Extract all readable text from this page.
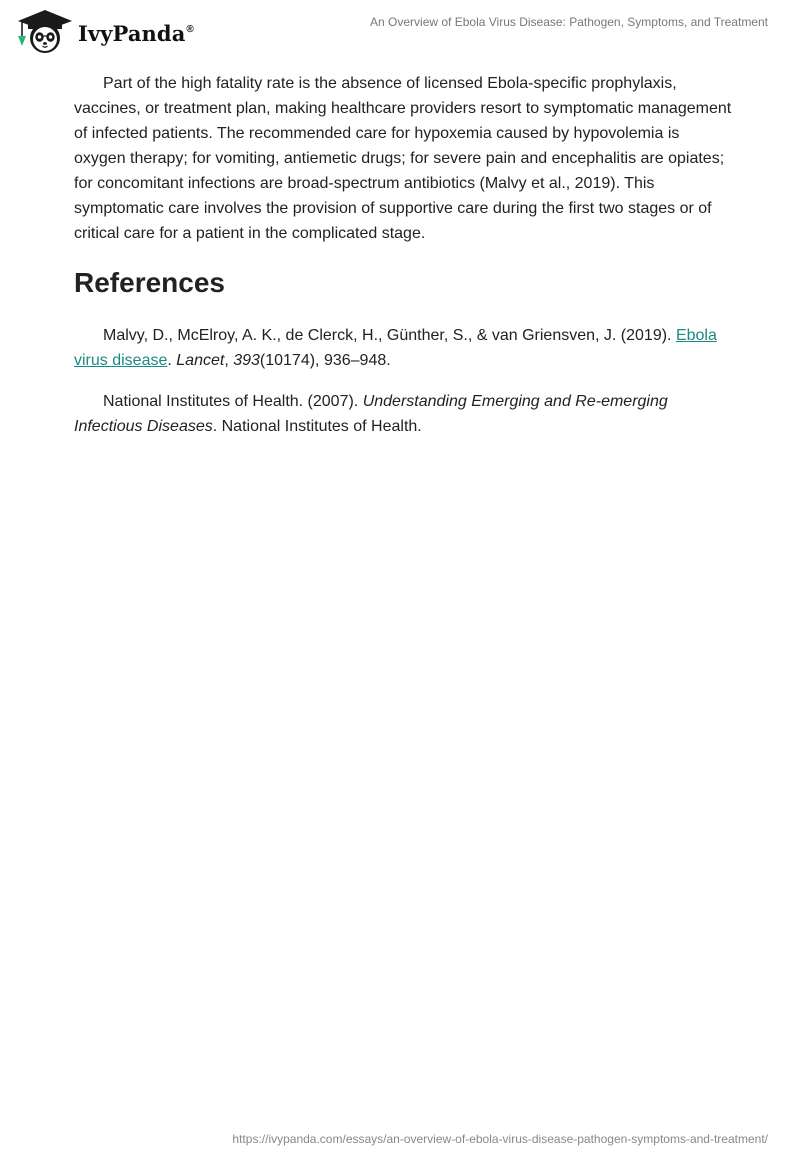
IvyPanda®	An Overview of Ebola Virus Disease: Pathogen, Symptoms, and Treatment

Part of the high fatality rate is the absence of licensed Ebola-specific prophylaxis, vaccines, or treatment plan, making healthcare providers resort to symptomatic management of infected patients. The recommended care for hypoxemia caused by hypovolemia is oxygen therapy; for vomiting, antiemetic drugs; for severe pain and encephalitis are opiates; for concomitant infections are broad-spectrum antibiotics (Malvy et al., 2019). This symptomatic care involves the provision of supportive care during the first two stages or of critical care for a patient in the complicated stage.

References

Malvy, D., McElroy, A. K., de Clerck, H., Günther, S., & van Griensven, J. (2019). Ebola virus disease. Lancet, 393(10174), 936–948.

National Institutes of Health. (2007). Understanding Emerging and Re-emerging Infectious Diseases. National Institutes of Health.

https://ivypanda.com/essays/an-overview-of-ebola-virus-disease-pathogen-symptoms-and-treatment/
